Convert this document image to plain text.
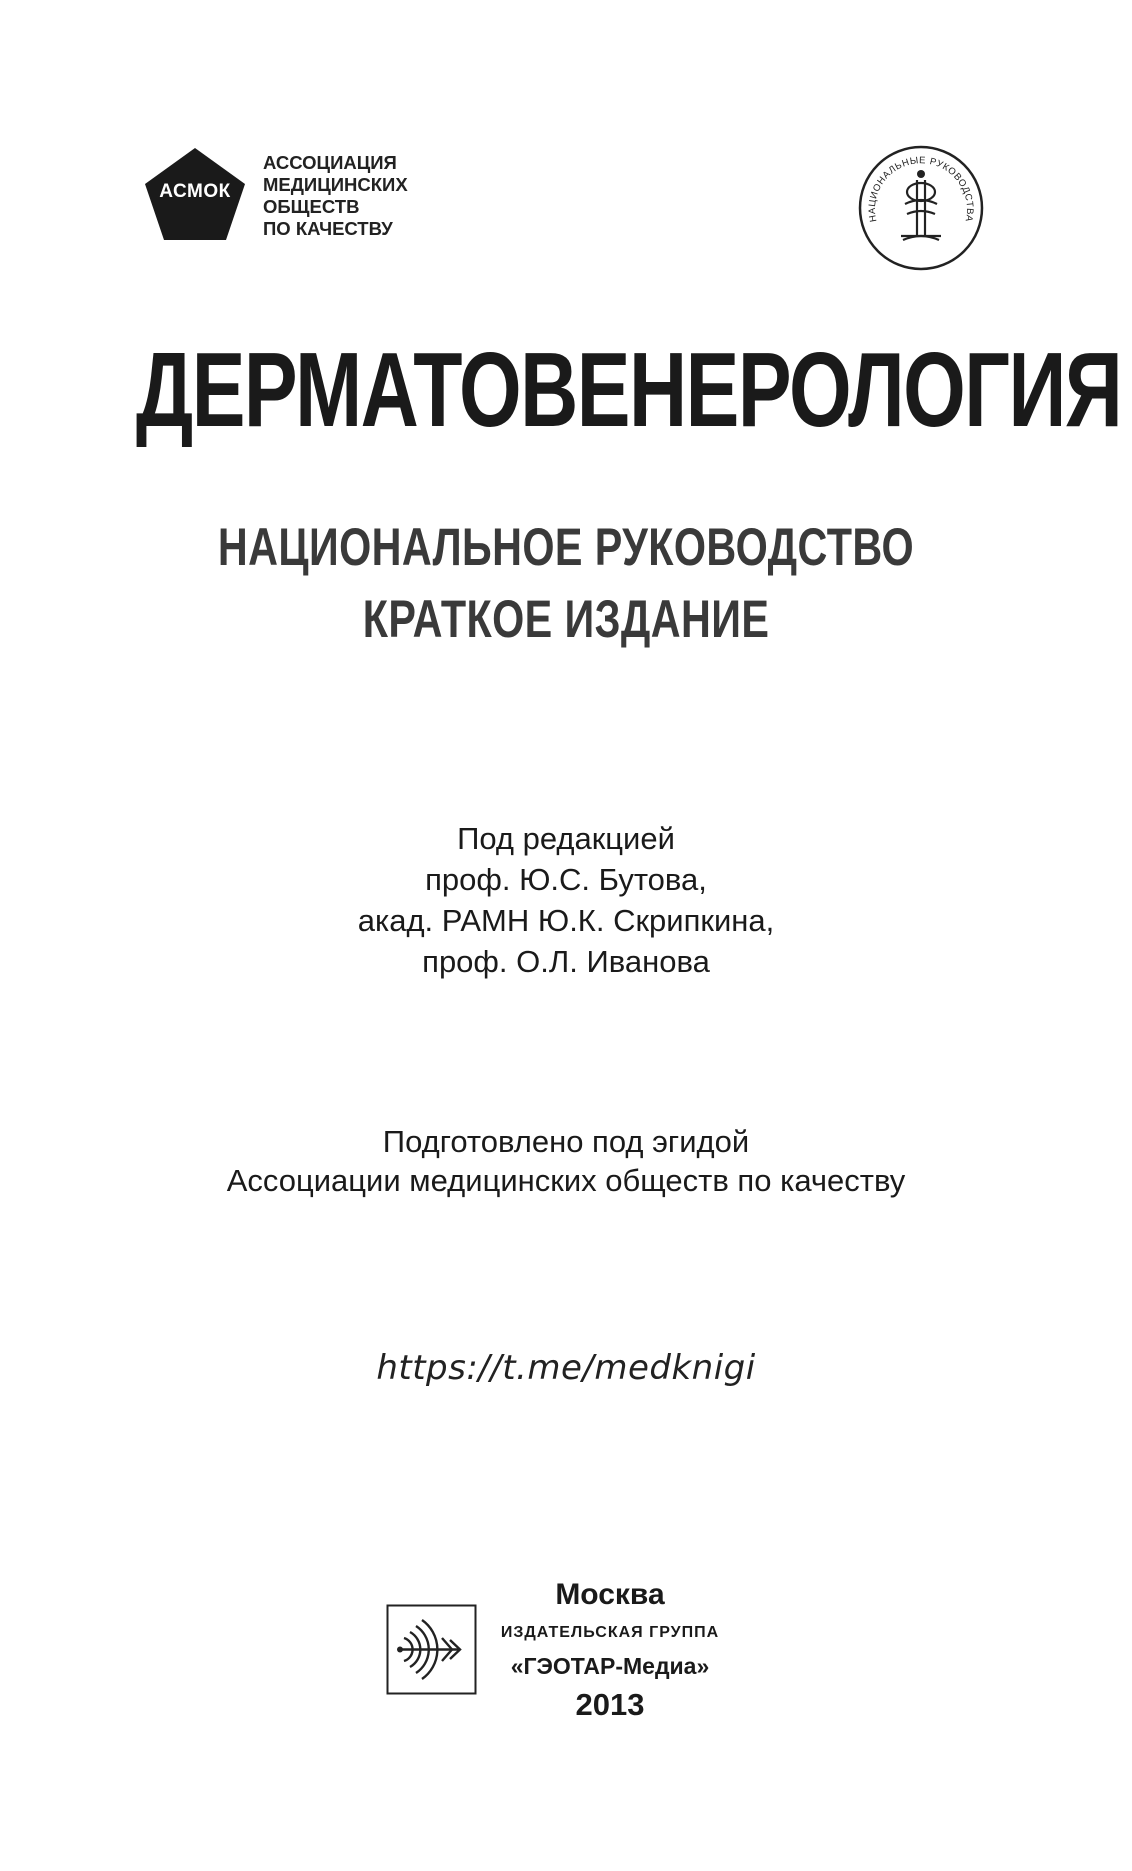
АСМОК
АССОЦИАЦИЯ
МЕДИЦИНСКИХ
ОБЩЕСТВ
ПО КАЧЕСТВУ	НАЦИОНАЛЬНЫЕ РУКОВОДСТВА
ДЕРМАТОВЕНЕРОЛОГИЯ
НАЦИОНАЛЬНОЕ РУКОВОДСТВО
КРАТКОЕ ИЗДАНИЕ
Под редакцией
проф. Ю.С. Бутова,
акад. РАМН Ю.К. Скрипкина,
проф. О.Л. Иванова
Подготовлено под эгидой
Ассоциации медицинских обществ по качеству
https://t.me/medknigi
Москва
ИЗДАТЕЛЬСКАЯ ГРУППА
«ГЭОТАР-Медиа»
2013
